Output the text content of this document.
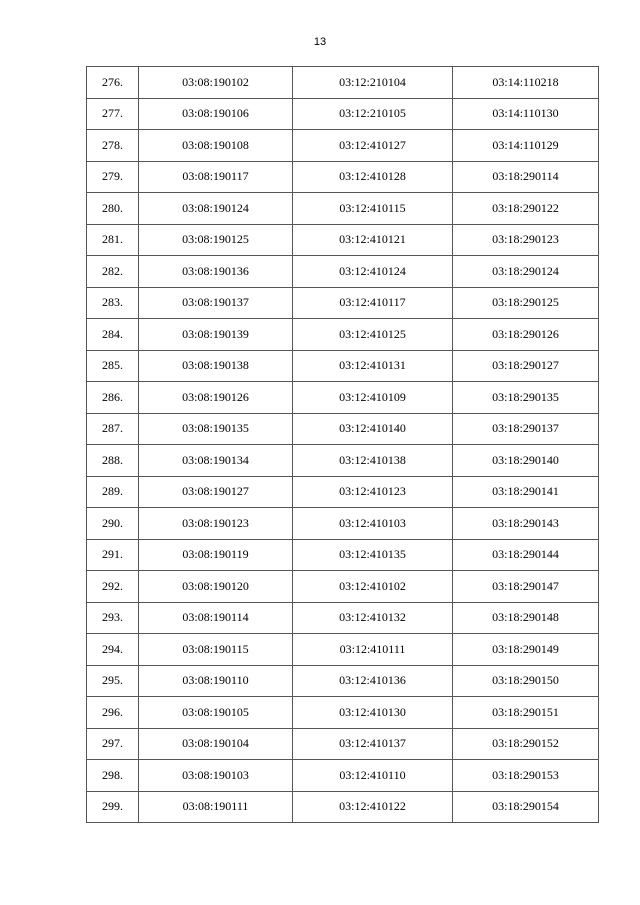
13
276.	03:08:190102	03:12:210104	03:14:110218
277.	03:08:190106	03:12:210105	03:14:110130
278.	03:08:190108	03:12:410127	03:14:110129
279.	03:08:190117	03:12:410128	03:18:290114
280.	03:08:190124	03:12:410115	03:18:290122
281.	03:08:190125	03:12:410121	03:18:290123
282.	03:08:190136	03:12:410124	03:18:290124
283.	03:08:190137	03:12:410117	03:18:290125
284.	03:08:190139	03:12:410125	03:18:290126
285.	03:08:190138	03:12:410131	03:18:290127
286.	03:08:190126	03:12:410109	03:18:290135
287.	03:08:190135	03:12:410140	03:18:290137
288.	03:08:190134	03:12:410138	03:18:290140
289.	03:08:190127	03:12:410123	03:18:290141
290.	03:08:190123	03:12:410103	03:18:290143
291.	03:08:190119	03:12:410135	03:18:290144
292.	03:08:190120	03:12:410102	03:18:290147
293.	03:08:190114	03:12:410132	03:18:290148
294.	03:08:190115	03:12:410111	03:18:290149
295.	03:08:190110	03:12:410136	03:18:290150
296.	03:08:190105	03:12:410130	03:18:290151
297.	03:08:190104	03:12:410137	03:18:290152
298.	03:08:190103	03:12:410110	03:18:290153
299.	03:08:190111	03:12:410122	03:18:290154
